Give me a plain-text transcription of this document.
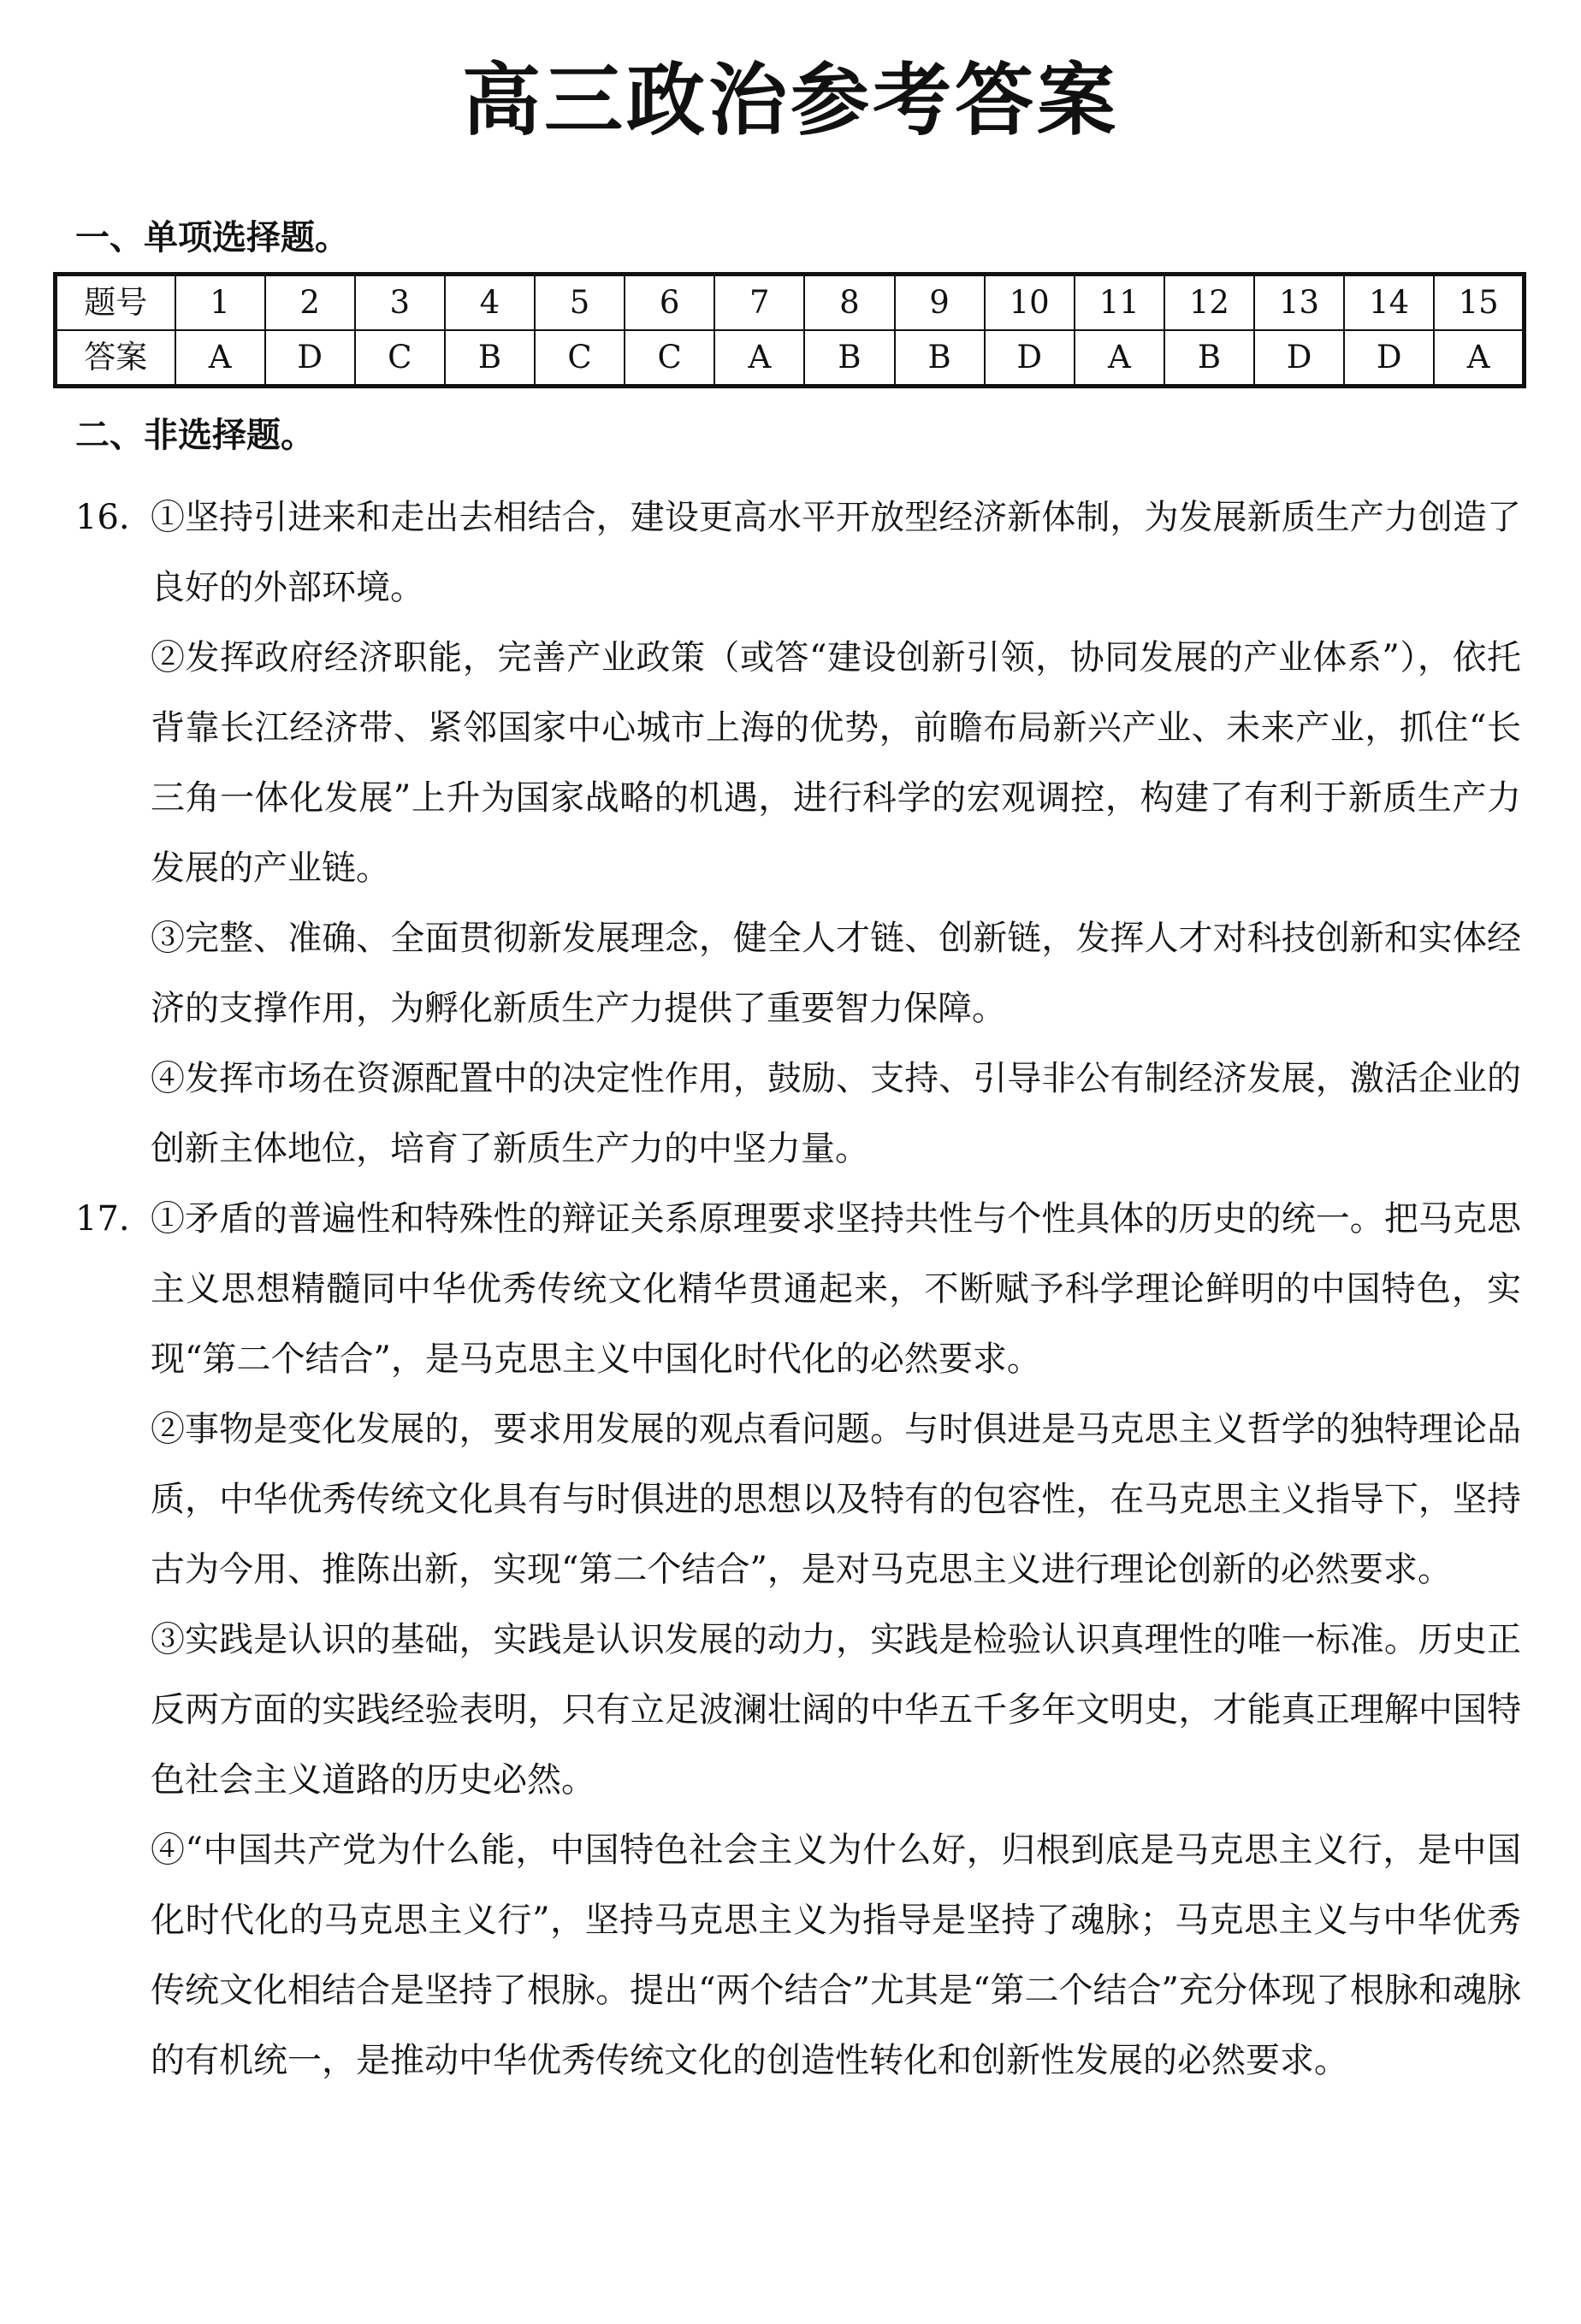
高三政治参考答案
一、单项选择题。
题号	1	2	3	4	5	6	7	8	9	10	11	12	13	14	15
答案	A	D	C	B	C	C	A	B	B	D	A	B	D	D	A
二、非选择题。
16. ①坚持引进来和走出去相结合，建设更高水平开放型经济新体制，为发展新质生产力创造了良好的外部环境。

②发挥政府经济职能，完善产业政策（或答“建设创新引领，协同发展的产业体系”），依托背靠长江经济带、紧邻国家中心城市上海的优势，前瞻布局新兴产业、未来产业，抓住“长三角一体化发展”上升为国家战略的机遇，进行科学的宏观调控，构建了有利于新质生产力发展的产业链。

③完整、准确、全面贯彻新发展理念，健全人才链、创新链，发挥人才对科技创新和实体经济的支撑作用，为孵化新质生产力提供了重要智力保障。

④发挥市场在资源配置中的决定性作用，鼓励、支持、引导非公有制经济发展，激活企业的创新主体地位，培育了新质生产力的中坚力量。

17. ①矛盾的普遍性和特殊性的辩证关系原理要求坚持共性与个性具体的历史的统一。把马克思主义思想精髓同中华优秀传统文化精华贯通起来，不断赋予科学理论鲜明的中国特色，实现“第二个结合”，是马克思主义中国化时代化的必然要求。

②事物是变化发展的，要求用发展的观点看问题。与时俱进是马克思主义哲学的独特理论品质，中华优秀传统文化具有与时俱进的思想以及特有的包容性，在马克思主义指导下，坚持古为今用、推陈出新，实现“第二个结合”，是对马克思主义进行理论创新的必然要求。

③实践是认识的基础，实践是认识发展的动力，实践是检验认识真理性的唯一标准。历史正反两方面的实践经验表明，只有立足波澜壮阔的中华五千多年文明史，才能真正理解中国特色社会主义道路的历史必然。

④“中国共产党为什么能，中国特色社会主义为什么好，归根到底是马克思主义行，是中国化时代化的马克思主义行”，坚持马克思主义为指导是坚持了魂脉；马克思主义与中华优秀传统文化相结合是坚持了根脉。提出“两个结合”尤其是“第二个结合”充分体现了根脉和魂脉的有机统一，是推动中华优秀传统文化的创造性转化和创新性发展的必然要求。
